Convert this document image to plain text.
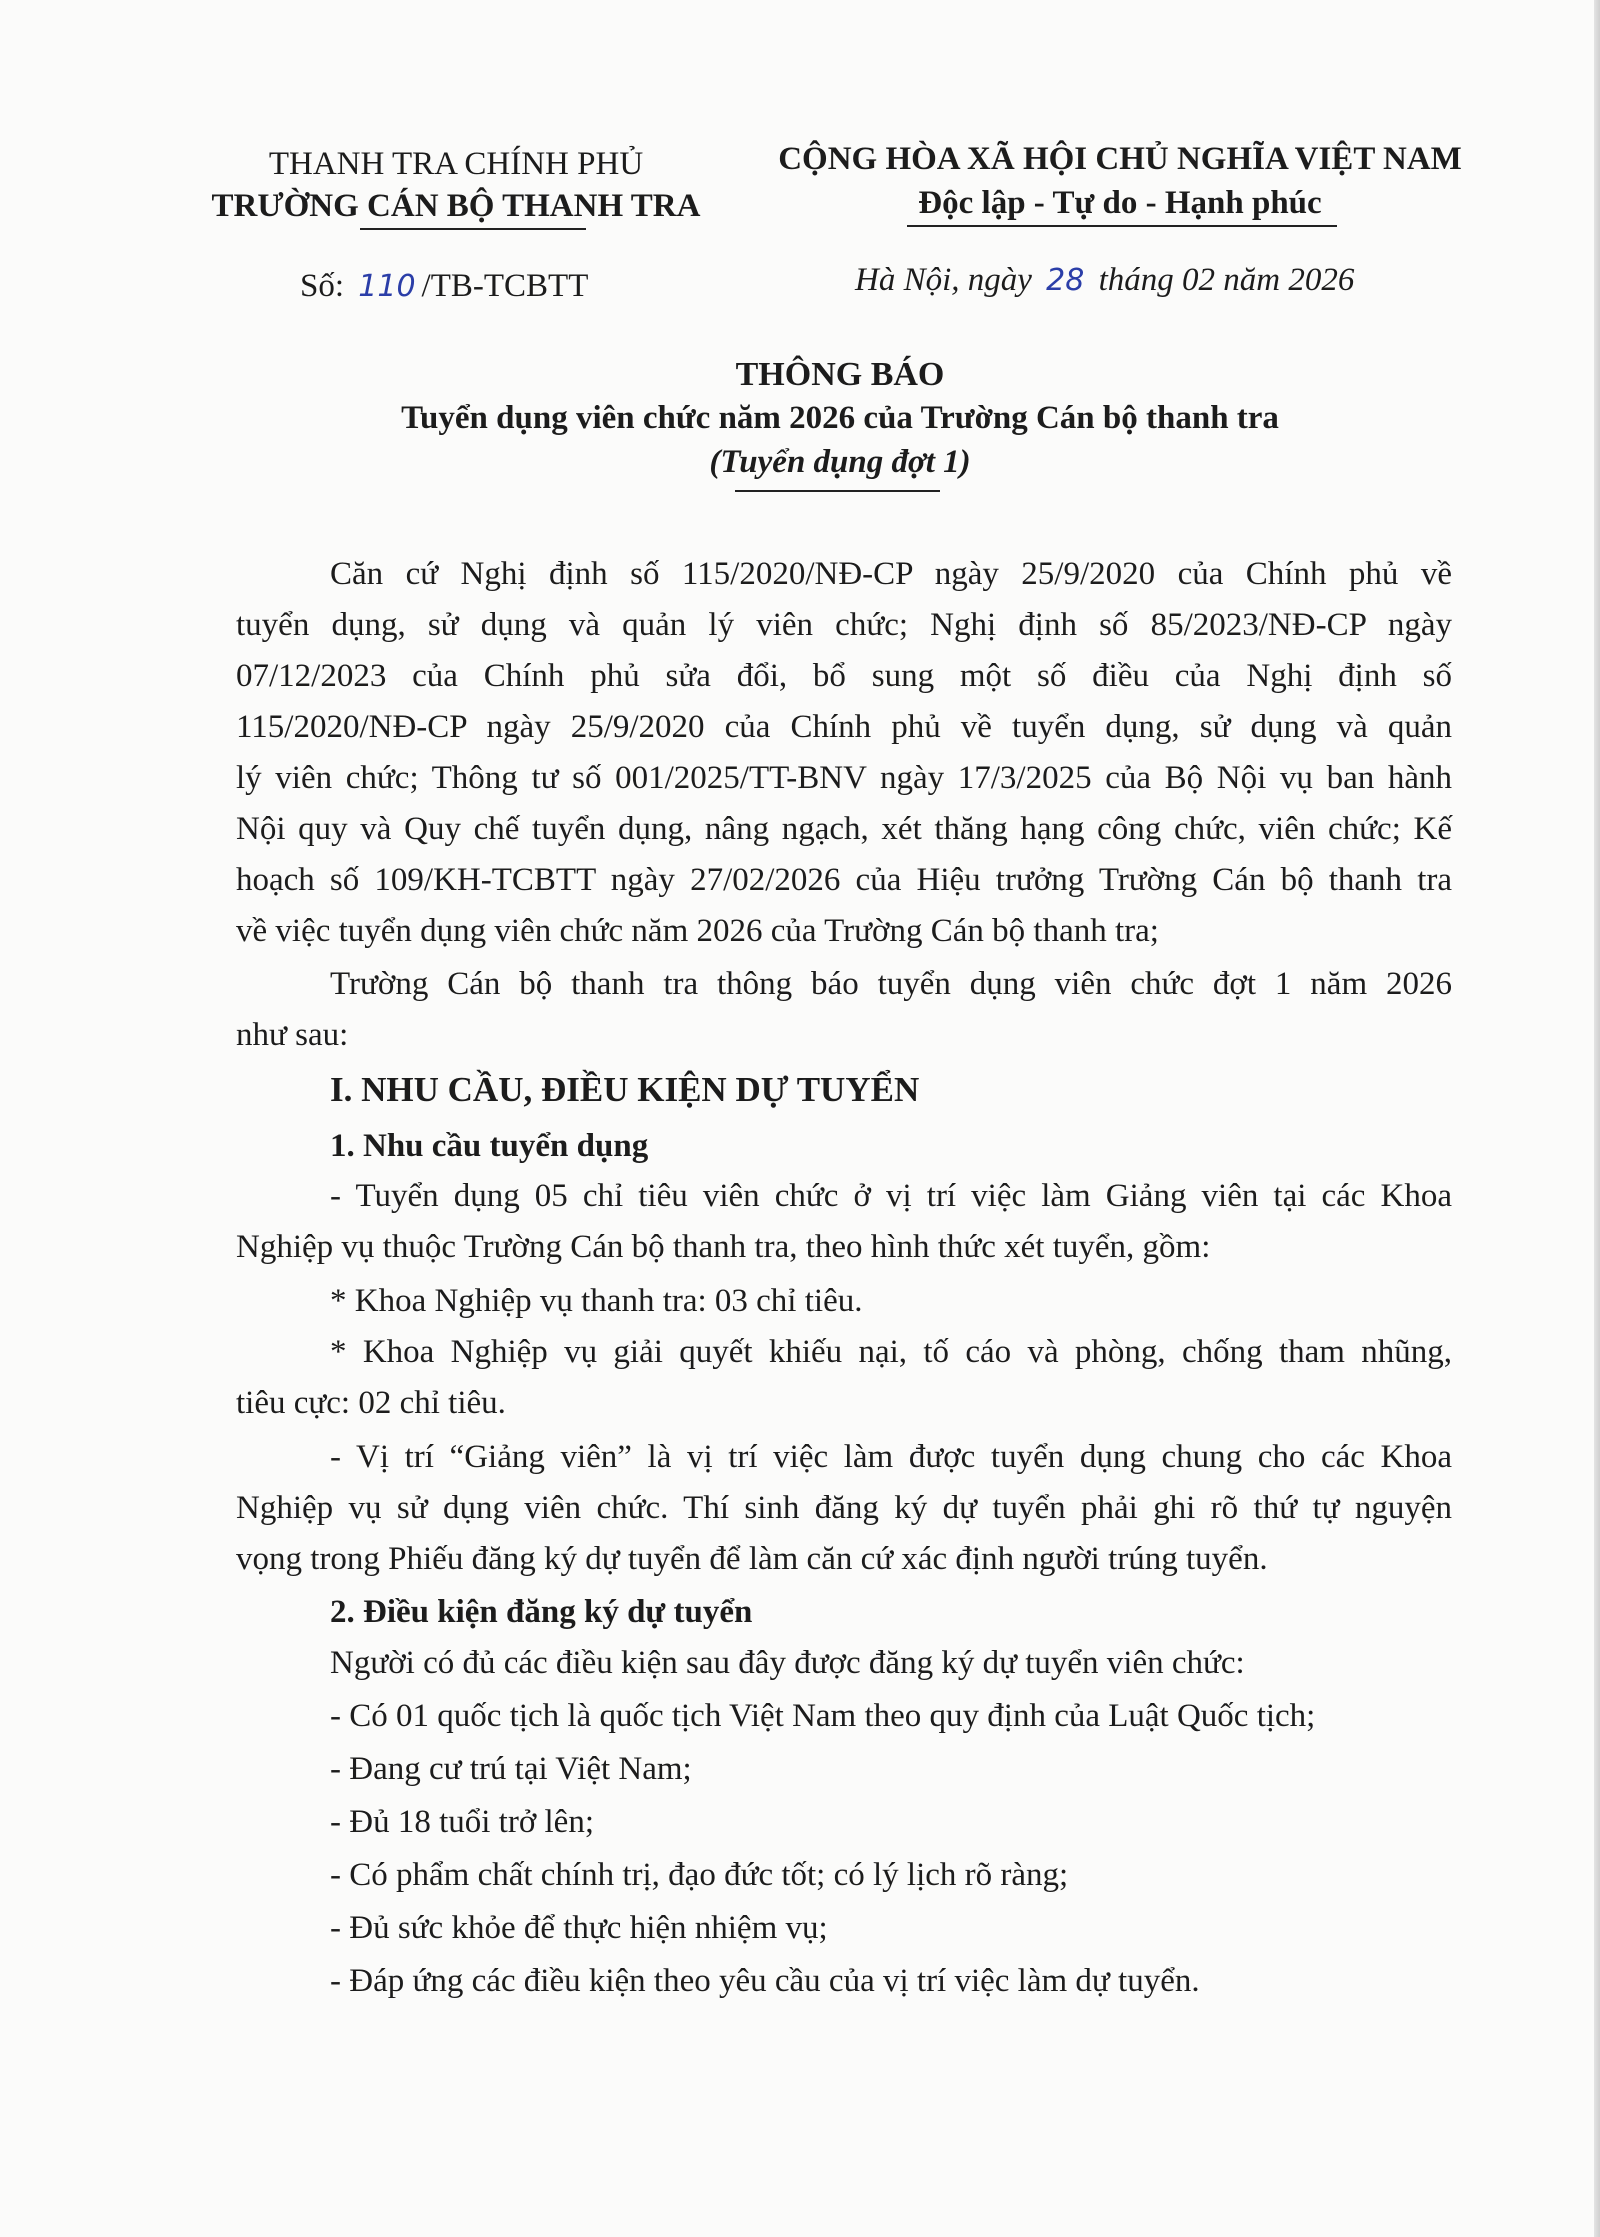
THANH TRA CHÍNH PHỦ
TRƯỜNG CÁN BỘ THANH TRA
CỘNG HÒA XÃ HỘI CHỦ NGHĨA VIỆT NAM
Độc lập - Tự do - Hạnh phúc
Số: 110 /TB-TCBTT	Hà Nội, ngày 28 tháng 02 năm 2026
THÔNG BÁO
Tuyển dụng viên chức năm 2026 của Trường Cán bộ thanh tra
(Tuyển dụng đợt 1)
Căn cứ Nghị định số 115/2020/NĐ-CP ngày 25/9/2020 của Chính phủ về
tuyển dụng, sử dụng và quản lý viên chức; Nghị định số 85/2023/NĐ-CP ngày
07/12/2023 của Chính phủ sửa đổi, bổ sung một số điều của Nghị định số
115/2020/NĐ-CP ngày 25/9/2020 của Chính phủ về tuyển dụng, sử dụng và quản
lý viên chức; Thông tư số 001/2025/TT-BNV ngày 17/3/2025 của Bộ Nội vụ ban hành
Nội quy và Quy chế tuyển dụng, nâng ngạch, xét thăng hạng công chức, viên chức; Kế
hoạch số 109/KH-TCBTT ngày 27/02/2026 của Hiệu trưởng Trường Cán bộ thanh tra
về việc tuyển dụng viên chức năm 2026 của Trường Cán bộ thanh tra;
Trường Cán bộ thanh tra thông báo tuyển dụng viên chức đợt 1 năm 2026
như sau:
I. NHU CẦU, ĐIỀU KIỆN DỰ TUYỂN
1. Nhu cầu tuyển dụng
- Tuyển dụng 05 chỉ tiêu viên chức ở vị trí việc làm Giảng viên tại các Khoa
Nghiệp vụ thuộc Trường Cán bộ thanh tra, theo hình thức xét tuyển, gồm:
* Khoa Nghiệp vụ thanh tra: 03 chỉ tiêu.
* Khoa Nghiệp vụ giải quyết khiếu nại, tố cáo và phòng, chống tham nhũng,
tiêu cực: 02 chỉ tiêu.
- Vị trí “Giảng viên” là vị trí việc làm được tuyển dụng chung cho các Khoa
Nghiệp vụ sử dụng viên chức. Thí sinh đăng ký dự tuyển phải ghi rõ thứ tự nguyện
vọng trong Phiếu đăng ký dự tuyển để làm căn cứ xác định người trúng tuyển.
2. Điều kiện đăng ký dự tuyển
Người có đủ các điều kiện sau đây được đăng ký dự tuyển viên chức:
- Có 01 quốc tịch là quốc tịch Việt Nam theo quy định của Luật Quốc tịch;
- Đang cư trú tại Việt Nam;
- Đủ 18 tuổi trở lên;
- Có phẩm chất chính trị, đạo đức tốt; có lý lịch rõ ràng;
- Đủ sức khỏe để thực hiện nhiệm vụ;
- Đáp ứng các điều kiện theo yêu cầu của vị trí việc làm dự tuyển.
